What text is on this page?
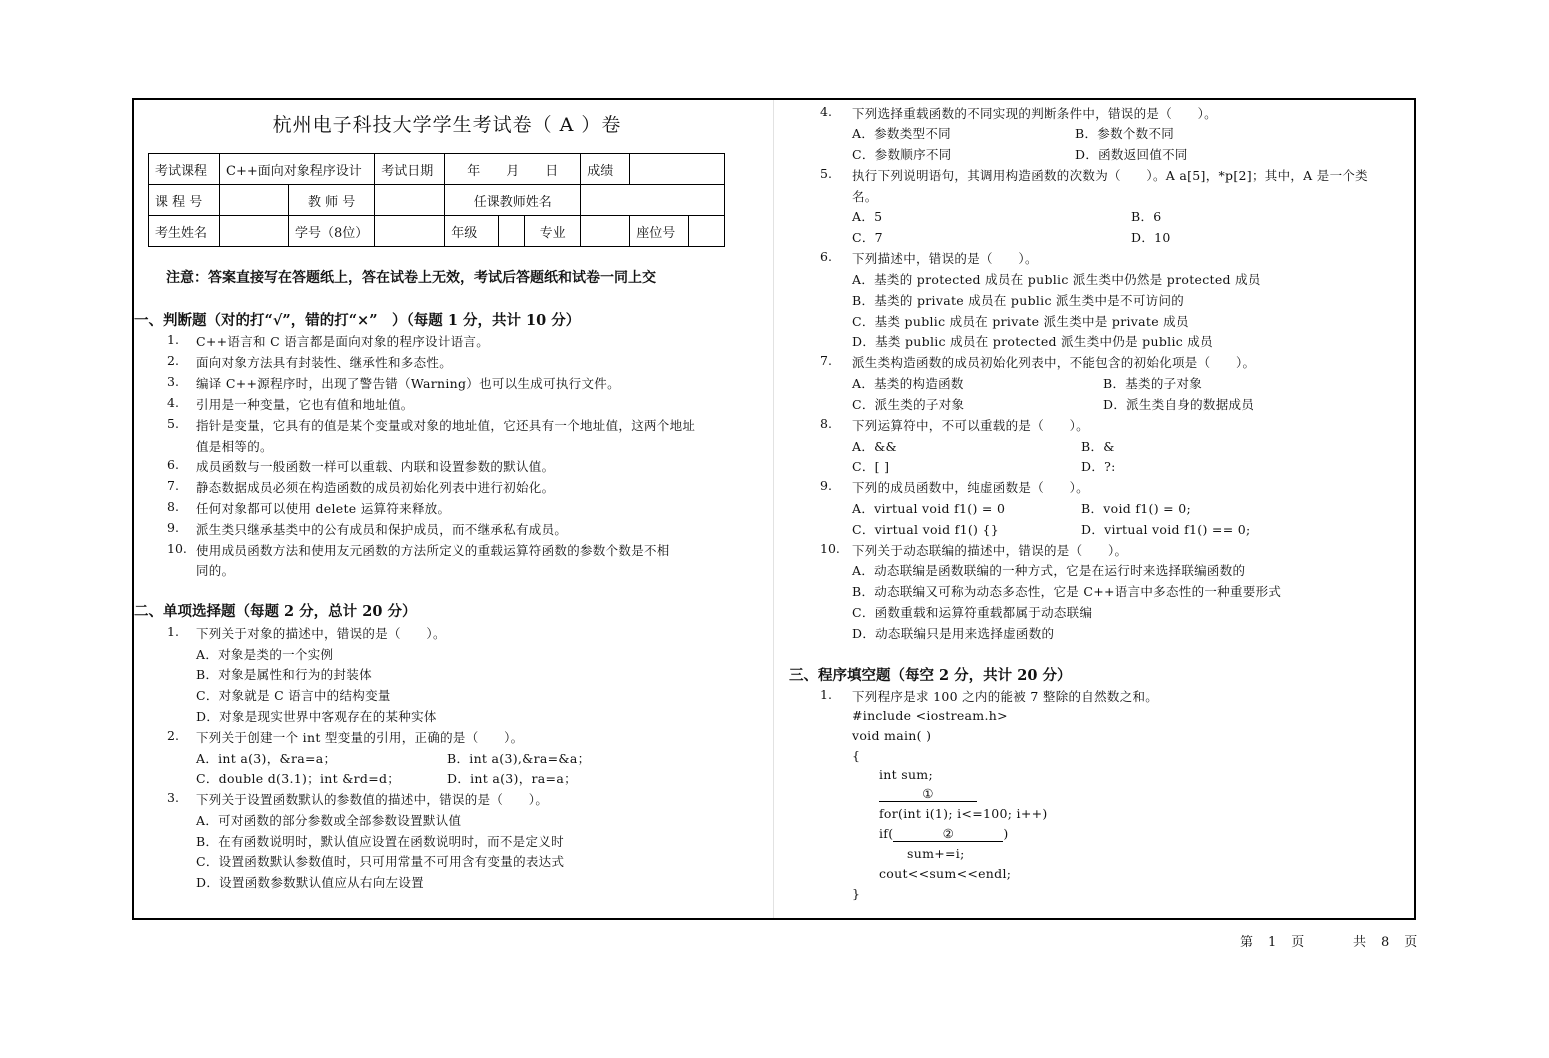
杭州电子科技大学学生考试卷（ A ）卷
考试课程	C++面向对象程序设计		考试日期	年　　月　　日			成绩		
课 程 号		教 师 号		任课教师姓名					
考生姓名		学号（8位）		年级		专业		座位号	
注意：答案直接写在答题纸上，答在试卷上无效，考试后答题纸和试卷一同上交
一、判断题（对的打“√”，错的打“×”　）（每题 1 分，共计 10 分）
1. C++语言和 C 语言都是面向对象的程序设计语言。
2. 面向对象方法具有封装性、继承性和多态性。
3. 编译 C++源程序时，出现了警告错（Warning）也可以生成可执行文件。
4. 引用是一种变量，它也有值和地址值。
5. 指针是变量，它具有的值是某个变量或对象的地址值，它还具有一个地址值，这两个地址
值是相等的。
6. 成员函数与一般函数一样可以重载、内联和设置参数的默认值。
7. 静态数据成员必须在构造函数的成员初始化列表中进行初始化。
8. 任何对象都可以使用 delete 运算符来释放。
9. 派生类只继承基类中的公有成员和保护成员，而不继承私有成员。
10. 使用成员函数方法和使用友元函数的方法所定义的重载运算符函数的参数个数是不相
同的。
二、单项选择题（每题 2 分，总计 20 分）
1. 下列关于对象的描述中，错误的是（　　）。
A．对象是类的一个实例
B．对象是属性和行为的封装体
C．对象就是 C 语言中的结构变量
D．对象是现实世界中客观存在的某种实体
2. 下列关于创建一个 int 型变量的引用，正确的是（　　）。
A．int a(3)，&ra=a；	B．int a(3),&ra=&a；
C．double d(3.1)；int &rd=d；	D．int a(3)，ra=a；
3. 下列关于设置函数默认的参数值的描述中，错误的是（　　）。
A．可对函数的部分参数或全部参数设置默认值
B．在有函数说明时，默认值应设置在函数说明时，而不是定义时
C．设置函数默认参数值时，只可用常量不可用含有变量的表达式
D．设置函数参数默认值应从右向左设置
4. 下列选择重载函数的不同实现的判断条件中，错误的是（　　）。
A．参数类型不同	B．参数个数不同
C．参数顺序不同	D．函数返回值不同
5. 执行下列说明语句，其调用构造函数的次数为（　　）。A a[5]，*p[2]；其中，A 是一个类
名。
A．5	B．6
C．7	D．10
6. 下列描述中，错误的是（　　）。
A．基类的 protected 成员在 public 派生类中仍然是 protected 成员
B．基类的 private 成员在 public 派生类中是不可访问的
C．基类 public 成员在 private 派生类中是 private 成员
D．基类 public 成员在 protected 派生类中仍是 public 成员
7. 派生类构造函数的成员初始化列表中，不能包含的初始化项是（　　）。
A．基类的构造函数	B．基类的子对象
C．派生类的子对象	D．派生类自身的数据成员
8. 下列运算符中，不可以重载的是（　　）。
A．&&	B．&
C．[ ]	D．?:
9. 下列的成员函数中，纯虚函数是（　　）。
A．virtual void f1() = 0	B．void f1() = 0;
C．virtual void f1() {}	D．virtual void f1() == 0;
10. 下列关于动态联编的描述中，错误的是（　　）。
A．动态联编是函数联编的一种方式，它是在运行时来选择联编函数的
B．动态联编又可称为动态多态性，它是 C++语言中多态性的一种重要形式
C．函数重载和运算符重载都属于动态联编
D．动态联编只是用来选择虚函数的
三、程序填空题（每空 2 分，共计 20 分）
1. 下列程序是求 100 之内的能被 7 整除的自然数之和。
#include <iostream.h>
void main( )
{
int sum;
①
for(int i(1); i<=100; i++)
if(	②	)
sum+=i;
cout<<sum<<endl;
}
第　1　页	共　8　页
